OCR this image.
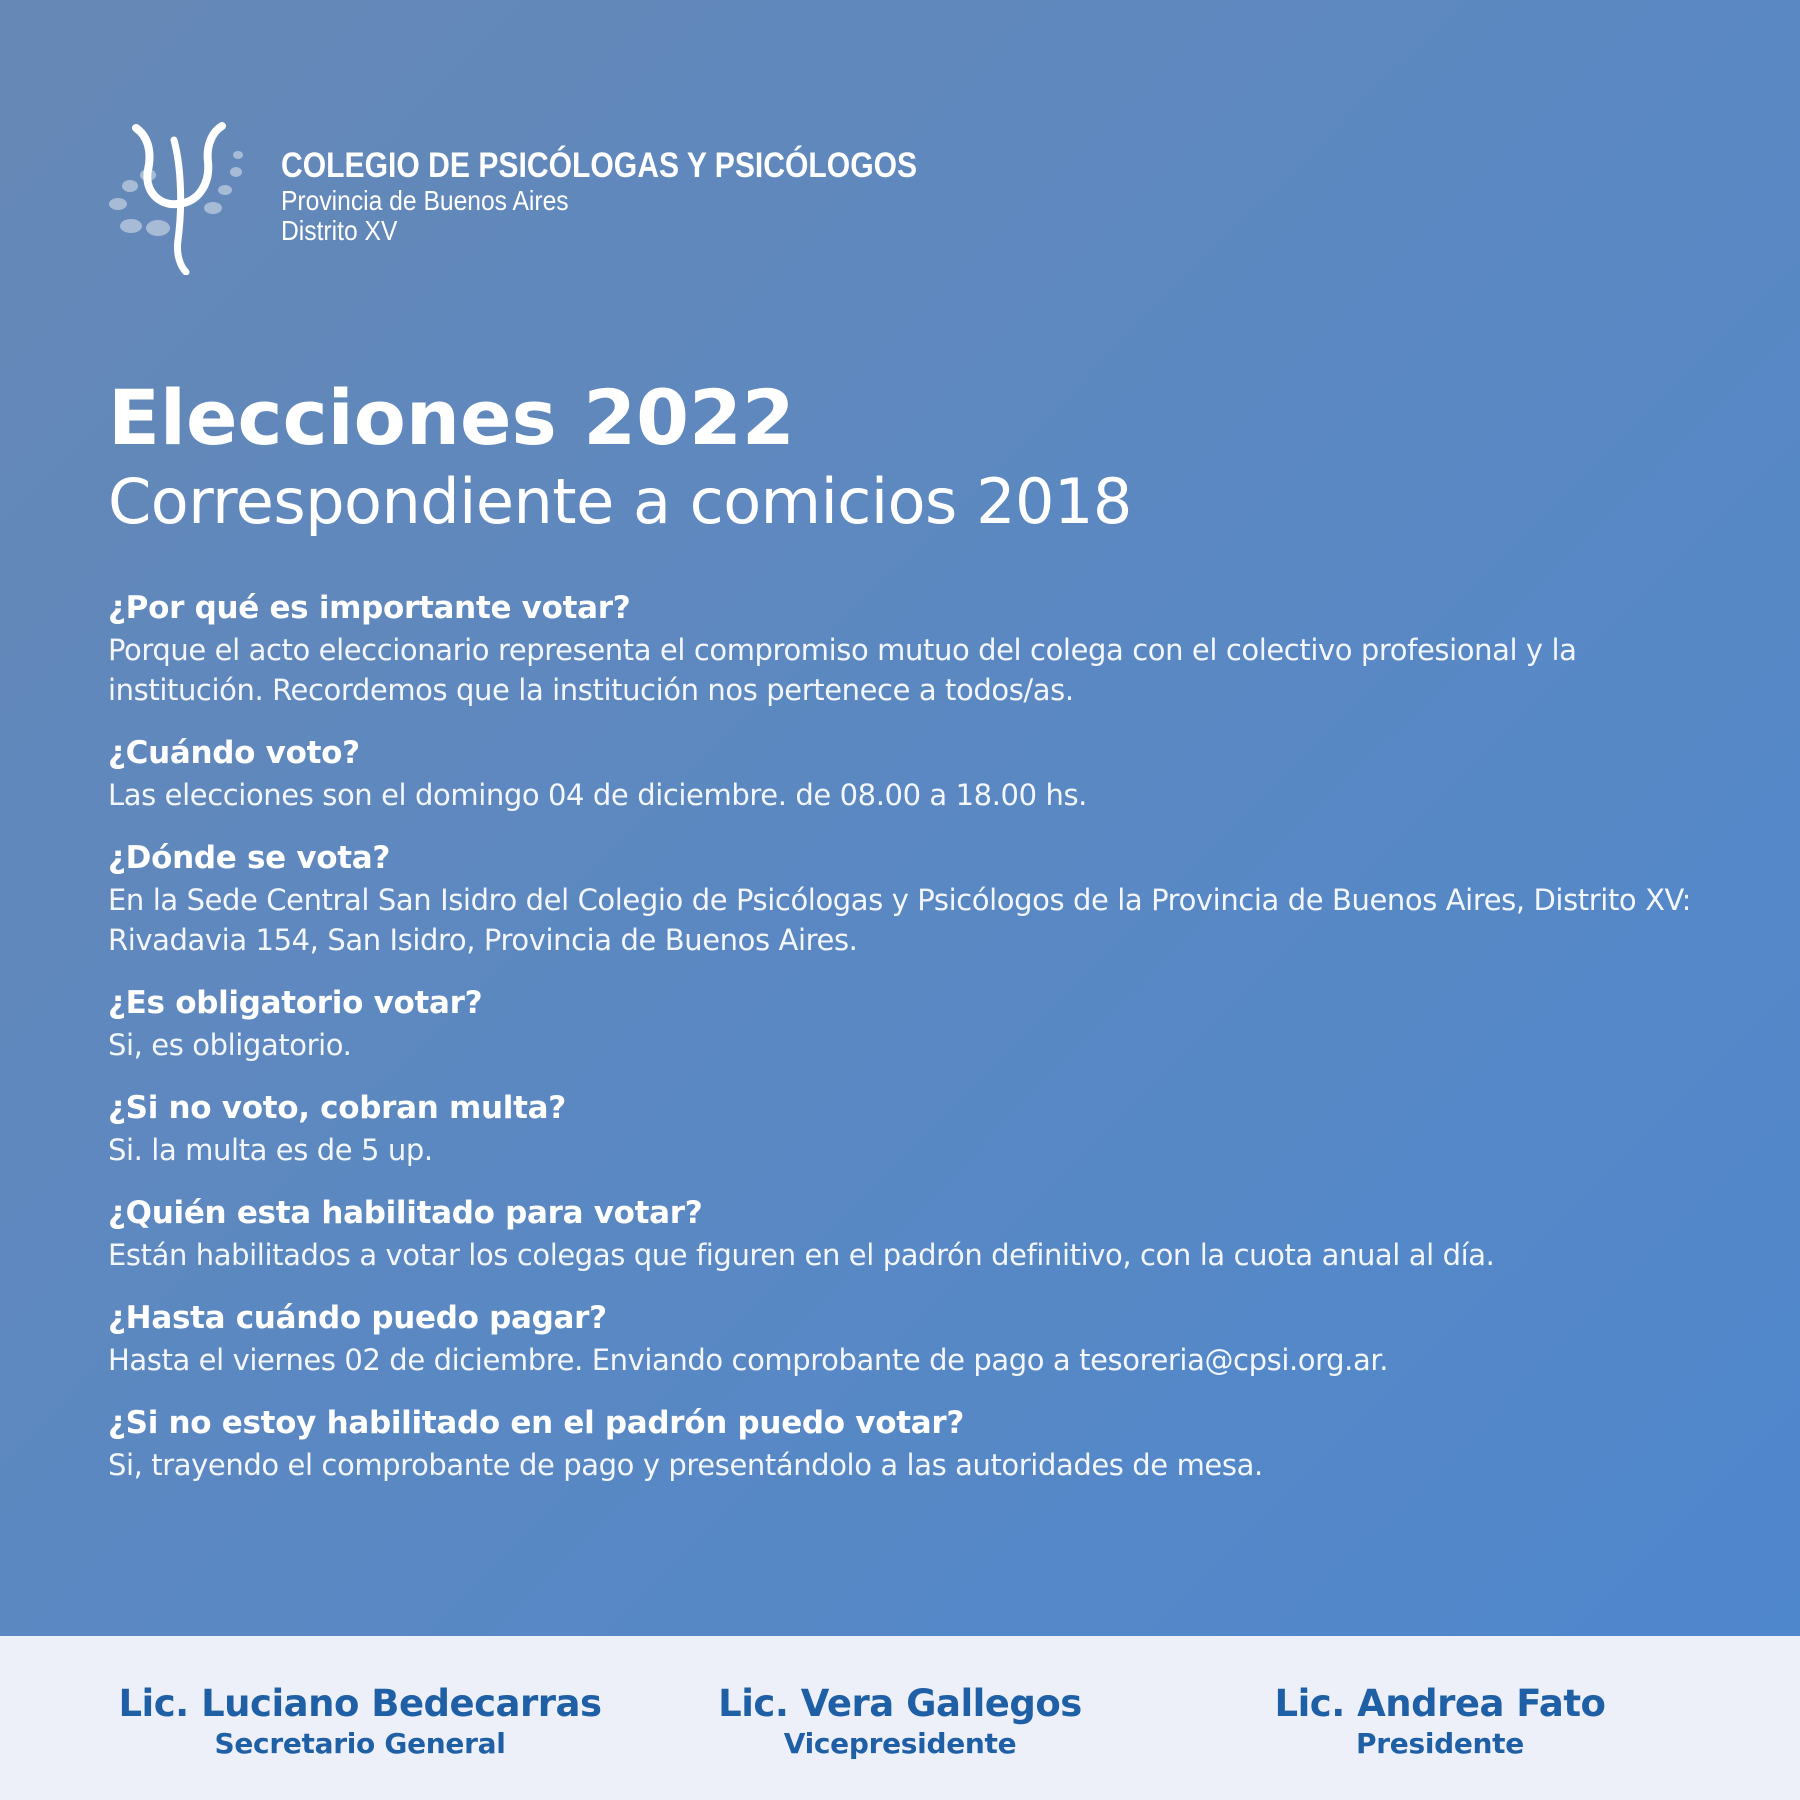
COLEGIO DE PSICÓLOGAS Y PSICÓLOGOS
Provincia de Buenos Aires
Distrito XV
Elecciones 2022
Correspondiente a comicios 2018
¿Por qué es importante votar?
Porque el acto eleccionario representa el compromiso mutuo del colega con el colectivo profesional y la institución. Recordemos que la institución nos pertenece a todos/as.
¿Cuándo voto?
Las elecciones son el domingo 04 de diciembre. de 08.00 a 18.00 hs.
¿Dónde se vota?
En la Sede Central San Isidro del Colegio de Psicólogas y Psicólogos de la Provincia de Buenos Aires, Distrito XV: Rivadavia 154, San Isidro, Provincia de Buenos Aires.
¿Es obligatorio votar?
Si, es obligatorio.
¿Si no voto, cobran multa?
Si. la multa es de 5 up.
¿Quién esta habilitado para votar?
Están habilitados a votar los colegas que figuren en el padrón definitivo, con la cuota anual al día.
¿Hasta cuándo puedo pagar?
Hasta el viernes 02 de diciembre. Enviando comprobante de pago a tesoreria@cpsi.org.ar.
¿Si no estoy habilitado en el padrón puedo votar?
Si, trayendo el comprobante de pago y presentándolo a las autoridades de mesa.
Lic. Luciano Bedecarras
Secretario General
Lic. Vera Gallegos
Vicepresidente
Lic. Andrea Fato
Presidente
